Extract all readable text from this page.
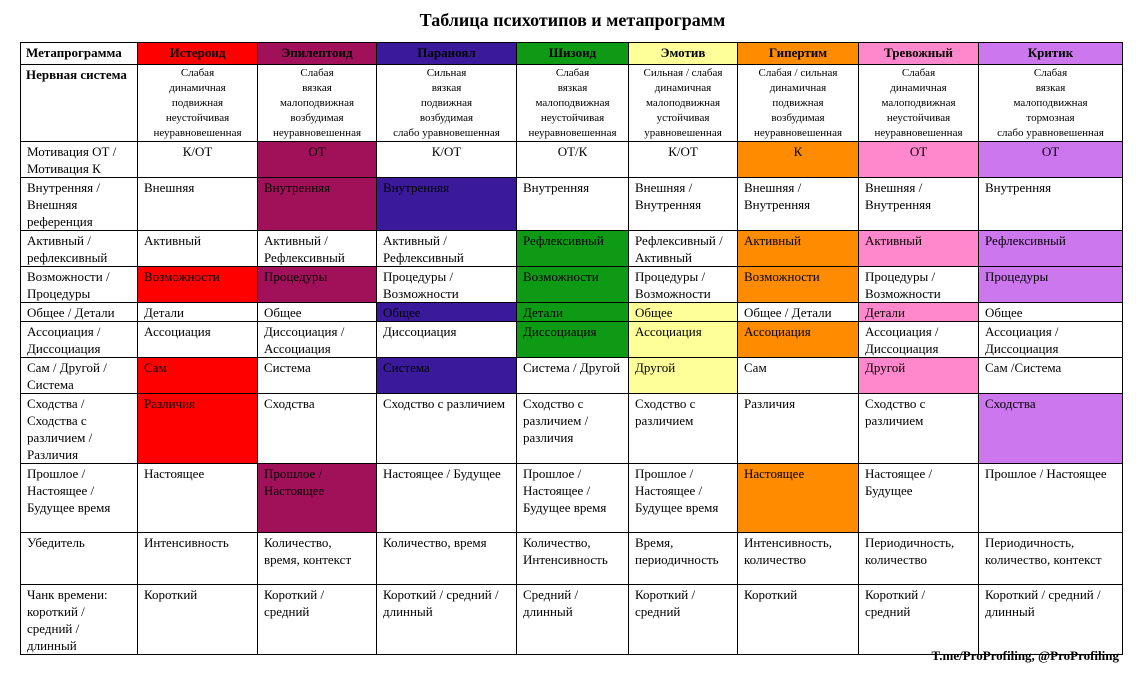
Таблица психотипов и метапрограмм
Метапрограмма	Истероид	Эпилептоид	Параноял	Шизоид	Эмотив	Гипертим	Тревожный	Критик
Нервная система	Слабая
динамичная
подвижная
неустойчивая
неуравновешенная	Слабая
вязкая
малоподвижная
возбудимая
неуравновешенная	Сильная
вязкая
подвижная
возбудимая
слабо уравновешенная	Слабая
вязкая
малоподвижная
неустойчивая
неуравновешенная	Сильная / слабая
динамичная
малоподвижная
устойчивая
уравновешенная	Слабая / сильная
динамичная
подвижная
возбудимая
неуравновешенная	Слабая
динамичная
малоподвижная
неустойчивая
неуравновешенная	Слабая
вязкая
малоподвижная
тормозная
слабо уравновешенная

Мотивация ОТ / Мотивация К	К/ОТ	ОТ	К/ОТ	ОТ/К	К/ОТ	К	ОТ	ОТ
Внутренняя / Внешняя референция	Внешняя	Внутренняя	Внутренняя	Внутренняя	Внешняя / Внутренняя	Внешняя / Внутренняя	Внешняя / Внутренняя	Внутренняя
Активный / рефлексивный	Активный	Активный / Рефлексивный	Активный / Рефлексивный	Рефлексивный	Рефлексивный / Активный	Активный	Активный	Рефлексивный
Возможности / Процедуры	Возможности	Процедуры	Процедуры / Возможности	Возможности	Процедуры / Возможности	Возможности	Процедуры / Возможности	Процедуры
Общее / Детали	Детали	Общее	Общее	Детали	Общее	Общее / Детали	Детали	Общее
Ассоциация / Диссоциация	Ассоциация	Диссоциация / Ассоциация	Диссоциация	Диссоциация	Ассоциация	Ассоциация	Ассоциация / Диссоциация	Ассоциация / Диссоциация
Сам / Другой / Система	Сам	Система	Система	Система / Другой	Другой	Сам	Другой	Сам /Система
Сходства / Сходства с различием / Различия	Различия	Сходства	Сходство с различием	Сходство с различием / различия	Сходство с различием	Различия	Сходство с различием	Сходства
Прошлое / Настоящее / Будущее время	Настоящее	Прошлое / Настоящее	Настоящее / Будущее	Прошлое / Настоящее / Будущее время	Прошлое / Настоящее / Будущее время	Настоящее	Настоящее / Будущее	Прошлое / Настоящее
Убедитель	Интенсивность	Количество, время, контекст	Количество, время	Количество, Интенсивность	Время, периодичность	Интенсивность, количество	Периодичность, количество	Периодичность, количество, контекст
Чанк времени: короткий / средний / длинный	Короткий	Короткий / средний	Короткий / средний / длинный	Средний / длинный	Короткий / средний	Короткий	Короткий / средний	Короткий / средний / длинный
T.me/ProProfiling, @ProProfiling
